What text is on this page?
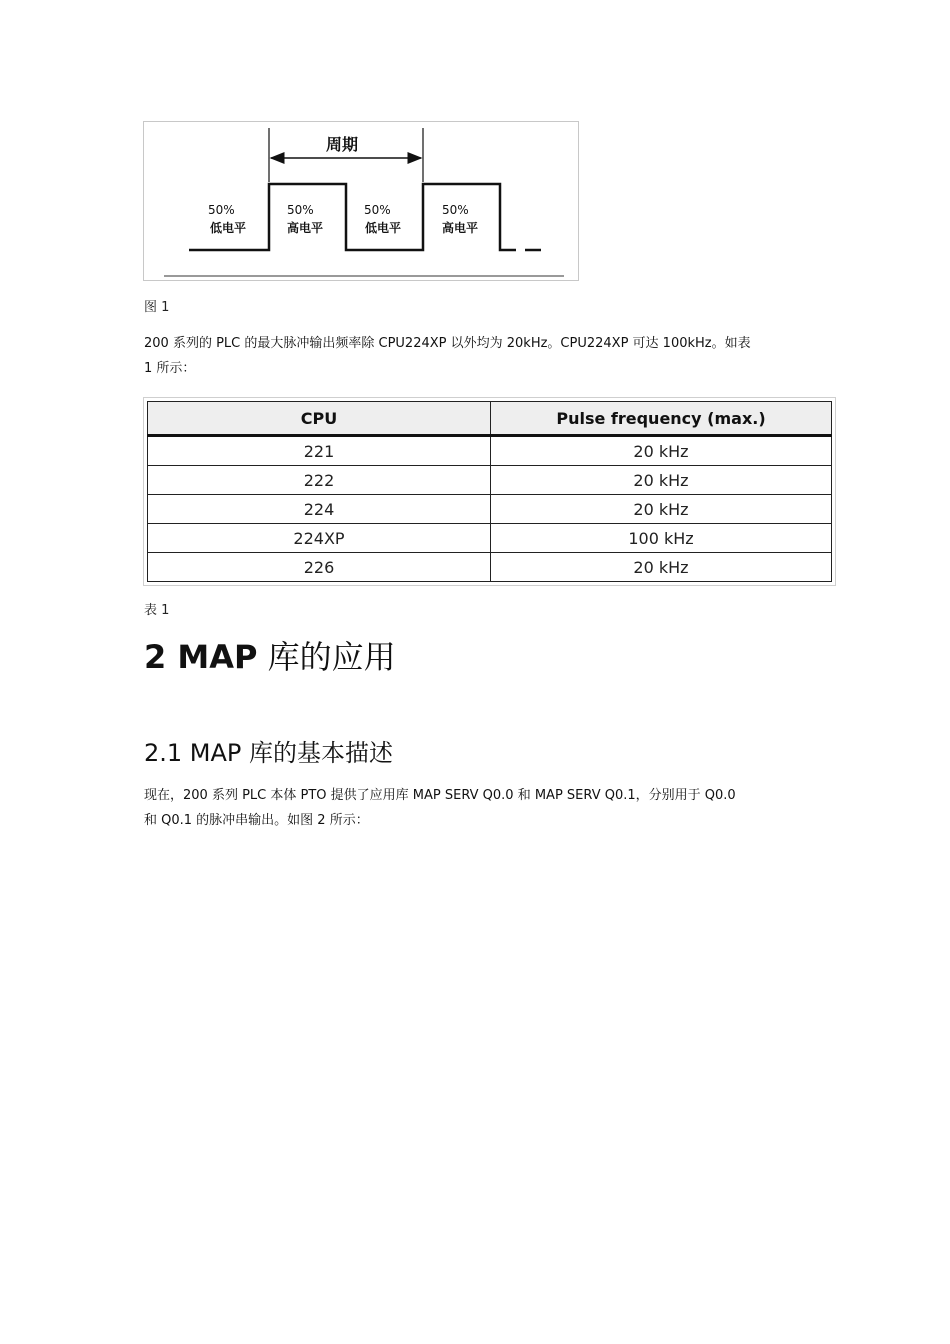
周期
50%
低电平
50%
高电平
50%
低电平
50%
高电平
图 1
200 系列的 PLC 的最大脉冲输出频率除 CPU224XP 以外均为 20kHz。CPU224XP 可达 100kHz。如表
1 所示：
CPU	Pulse frequency (max.)
221	20 kHz
222	20 kHz
224	20 kHz
224XP	100 kHz
226	20 kHz
表 1
2 MAP 库的应用
2.1 MAP 库的基本描述
现在，200 系列 PLC 本体 PTO 提供了应用库 MAP SERV Q0.0 和 MAP SERV Q0.1，分别用于 Q0.0
和 Q0.1 的脉冲串输出。如图 2 所示：
